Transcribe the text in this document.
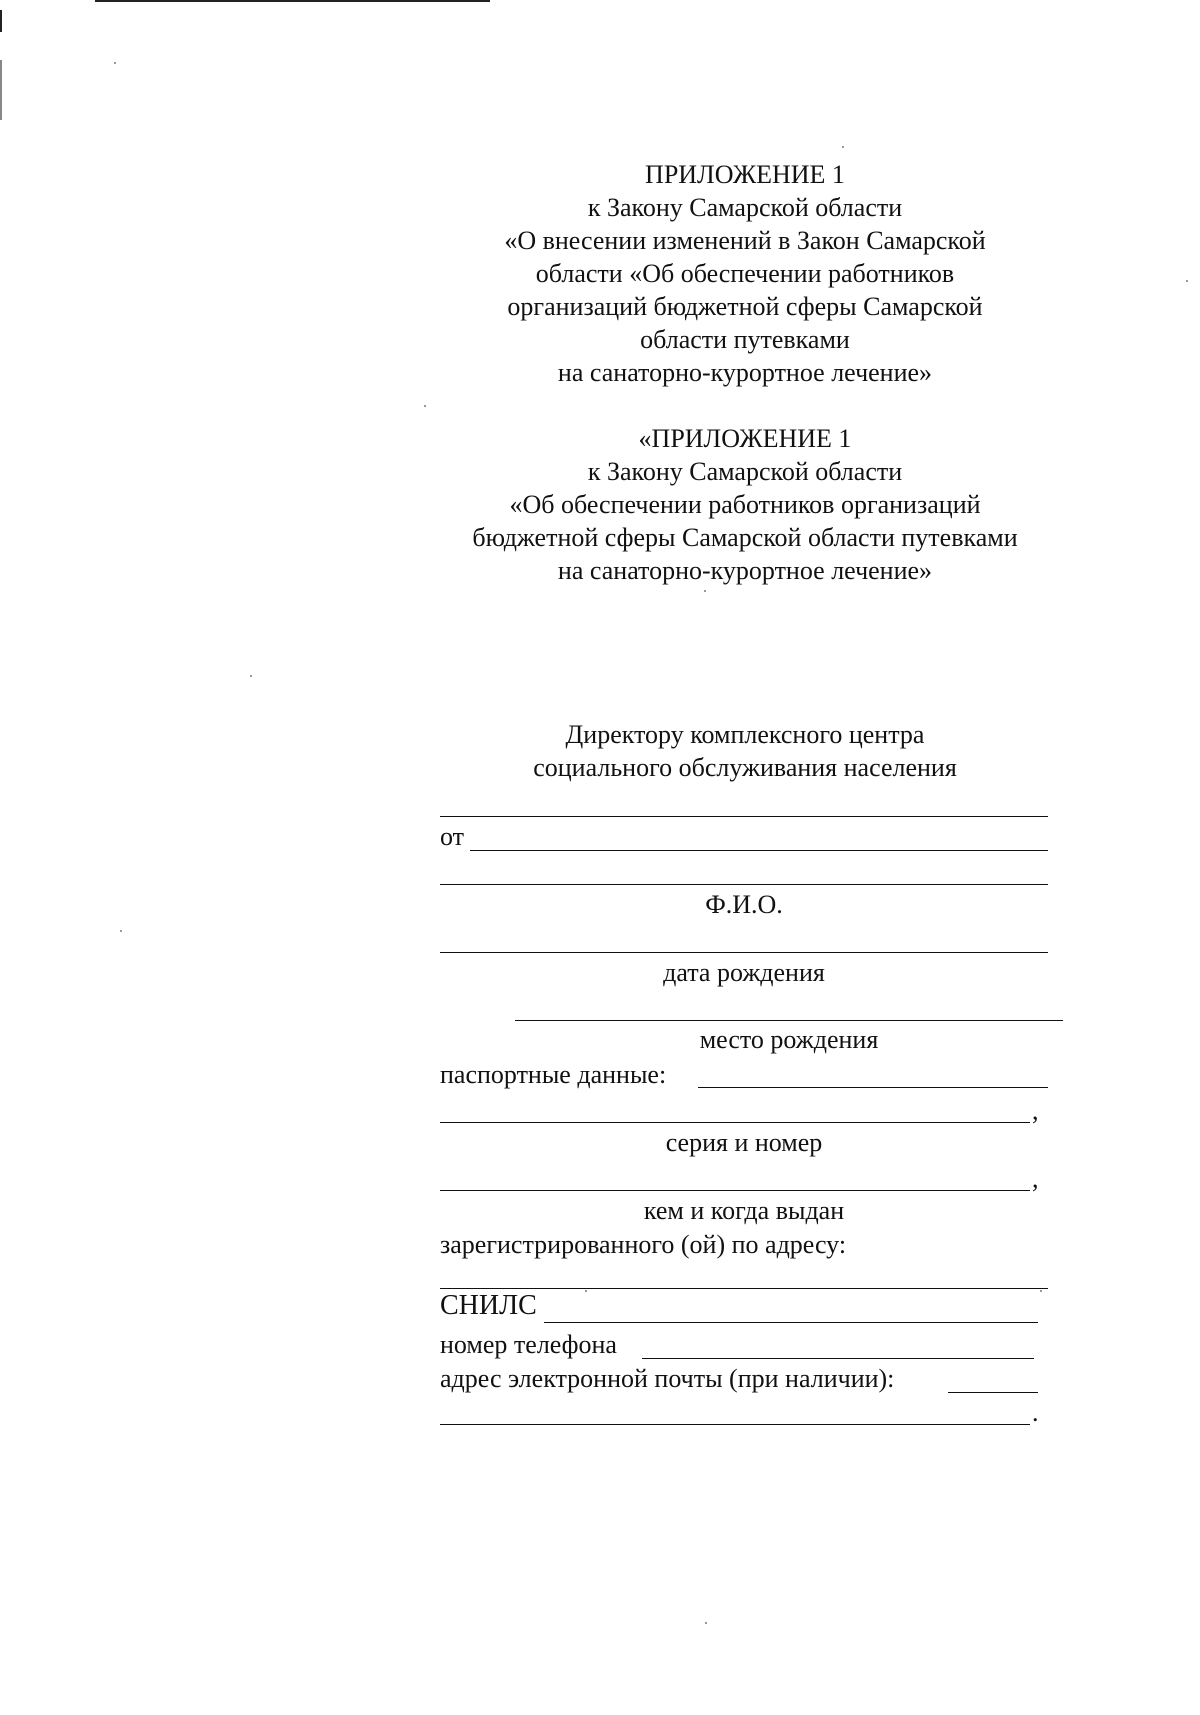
ПРИЛОЖЕНИЕ 1
к Закону Самарской области
«О внесении изменений в Закон Самарской
области «Об обеспечении работников
организаций бюджетной сферы Самарской
области путевками
на санаторно-курортное лечение»
«ПРИЛОЖЕНИЕ 1
к Закону Самарской области
«Об обеспечении работников организаций
бюджетной сферы Самарской области путевками
на санаторно-курортное лечение»
Директору комплексного центра
социального обслуживания населения
от
Ф.И.О.
дата рождения
место рождения
паспортные данные:
,
серия и номер
,
кем и когда выдан
зарегистрированного (ой) по адресу:
СНИЛС
номер телефона
адрес электронной почты (при наличии):
.
